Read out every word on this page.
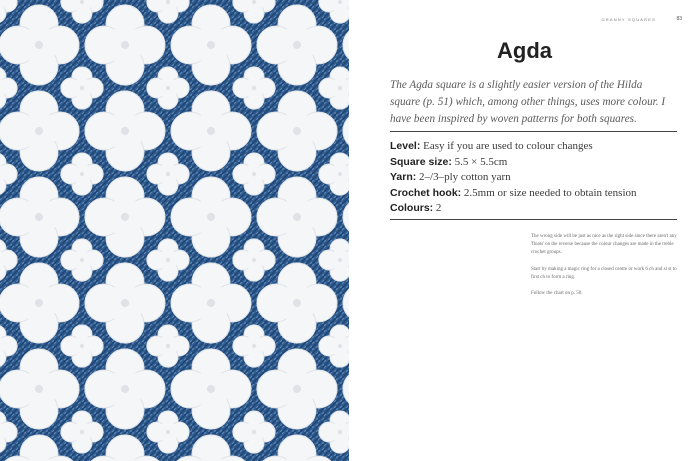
GRANNY SQUARES	83
Agda

The Agda square is a slightly easier version of the Hilda square (p. 51) which, among other things, uses more colour. I have been inspired by woven patterns for both squares.

Level: Easy if you are used to colour changes
Square size: 5.5 × 5.5cm
Yarn: 2–/3–ply cotton yarn
Crochet hook: 2.5mm or size needed to obtain tension
Colours: 2

The wrong side will be just as nice as the right side since there aren't any 'floats' on the reverse because the colour changes are made in the treble crochet groups.

Start by making a magic ring for a closed centre or work 6 ch and sl st to first ch to form a ring.

Follow the chart on p. 50.
